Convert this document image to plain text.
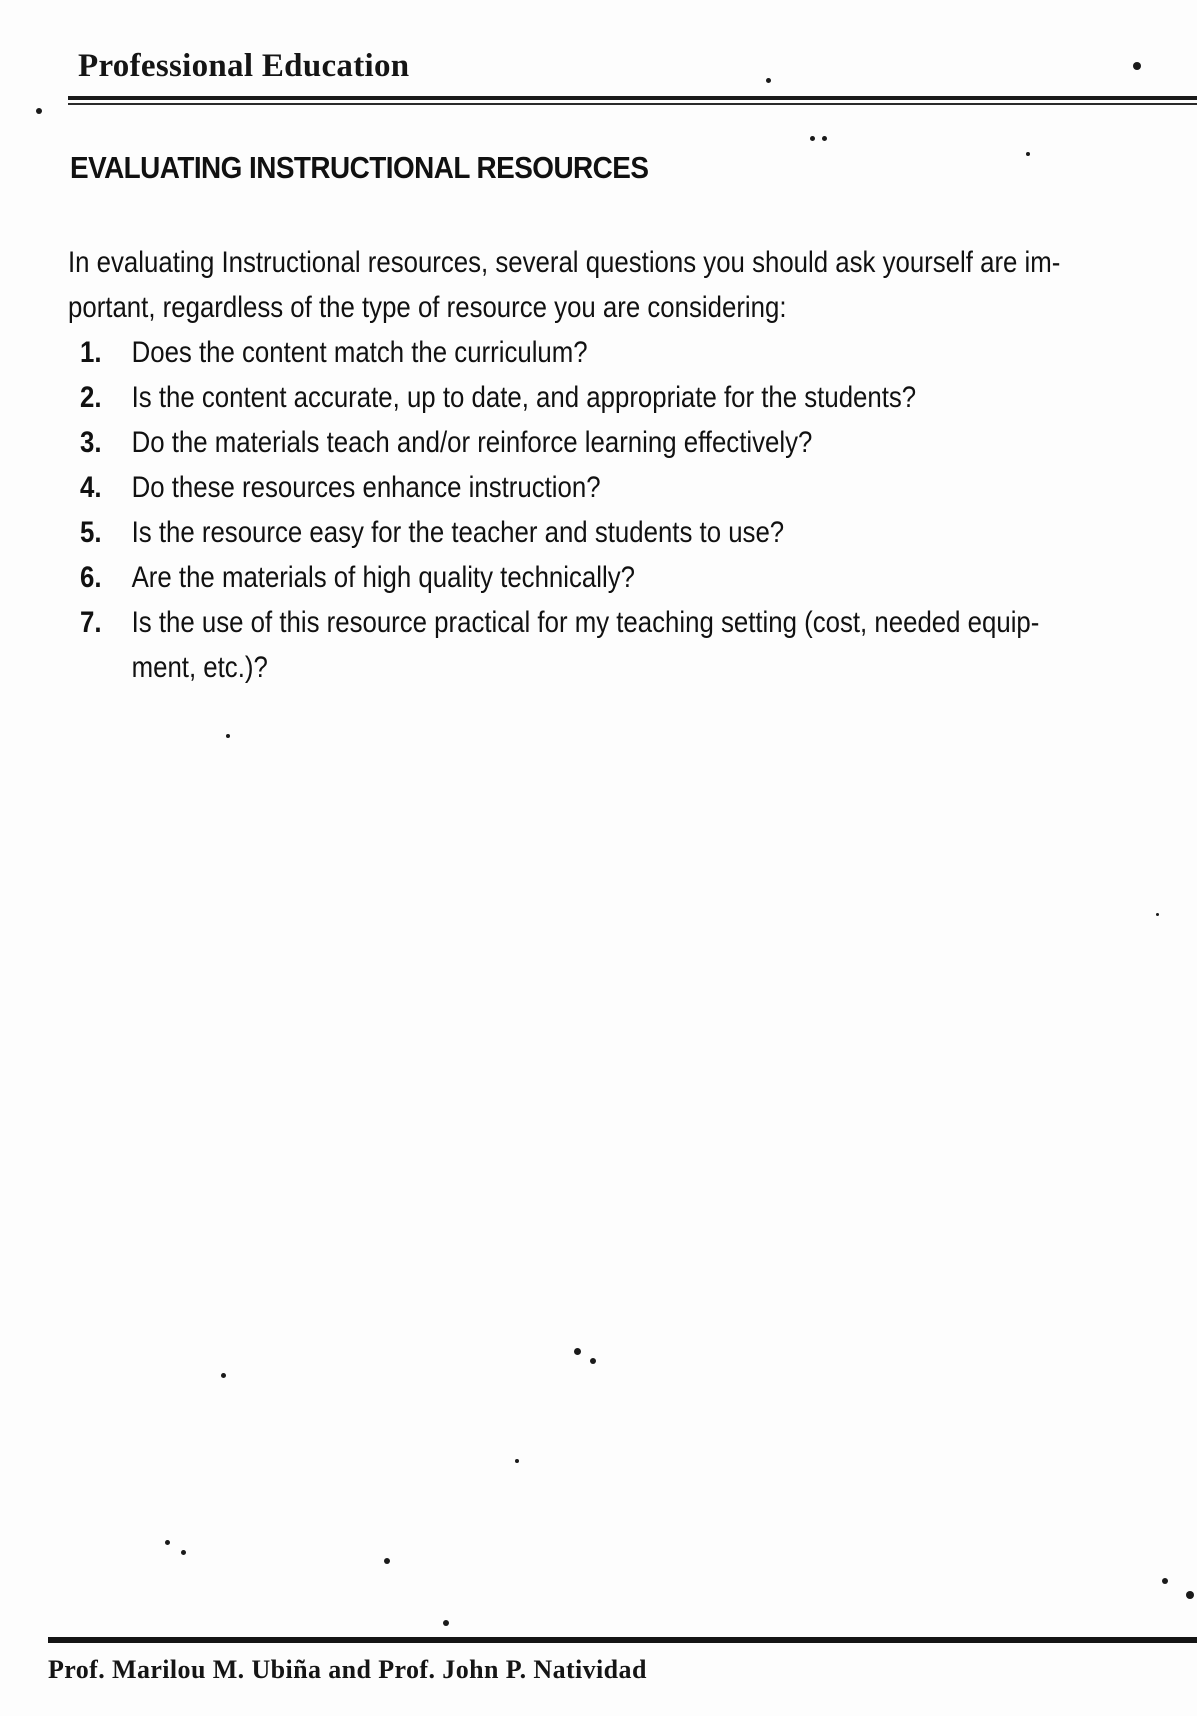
Professional Education
EVALUATING INSTRUCTIONAL RESOURCES
In evaluating Instructional resources, several questions you should ask yourself are im-
portant, regardless of the type of resource you are considering:
1. Does the content match the curriculum?
2. Is the content accurate, up to date, and appropriate for the students?
3. Do the materials teach and/or reinforce learning effectively?
4. Do these resources enhance instruction?
5. Is the resource easy for the teacher and students to use?
6. Are the materials of high quality technically?
7. Is the use of this resource practical for my teaching setting (cost, needed equip-
ment, etc.)?
Prof. Marilou M. Ubiña and Prof. John P. Natividad
